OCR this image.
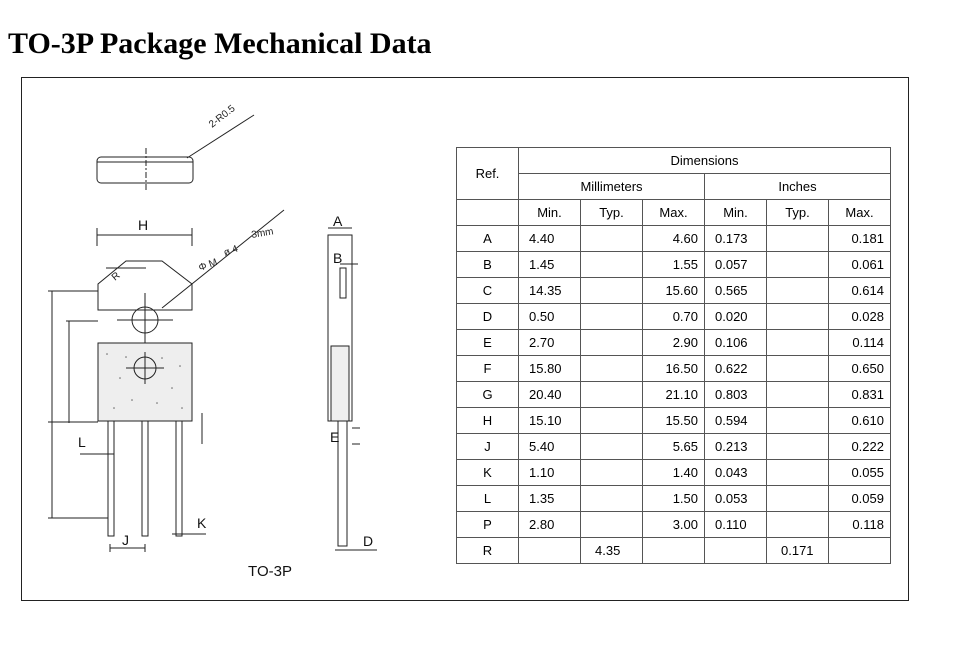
TO-3P Package Mechanical Data
2-R0.5
H
R
Φ M
ø 4
3mm
L
J
K
A
B
E
D
TO-3P
Ref.	Dimensions					
	Millimeters			Inches		
	Min.	Typ.	Max.	Min.	Typ.	Max.
A	4.40		4.60	0.173		0.181
B	1.45		1.55	0.057		0.061
C	14.35		15.60	0.565		0.614
D	0.50		0.70	0.020		0.028
E	2.70		2.90	0.106		0.114
F	15.80		16.50	0.622		0.650
G	20.40		21.10	0.803		0.831
H	15.10		15.50	0.594		0.610
J	5.40		5.65	0.213		0.222
K	1.10		1.40	0.043		0.055
L	1.35		1.50	0.053		0.059
P	2.80		3.00	0.110		0.118
R		4.35			0.171	
